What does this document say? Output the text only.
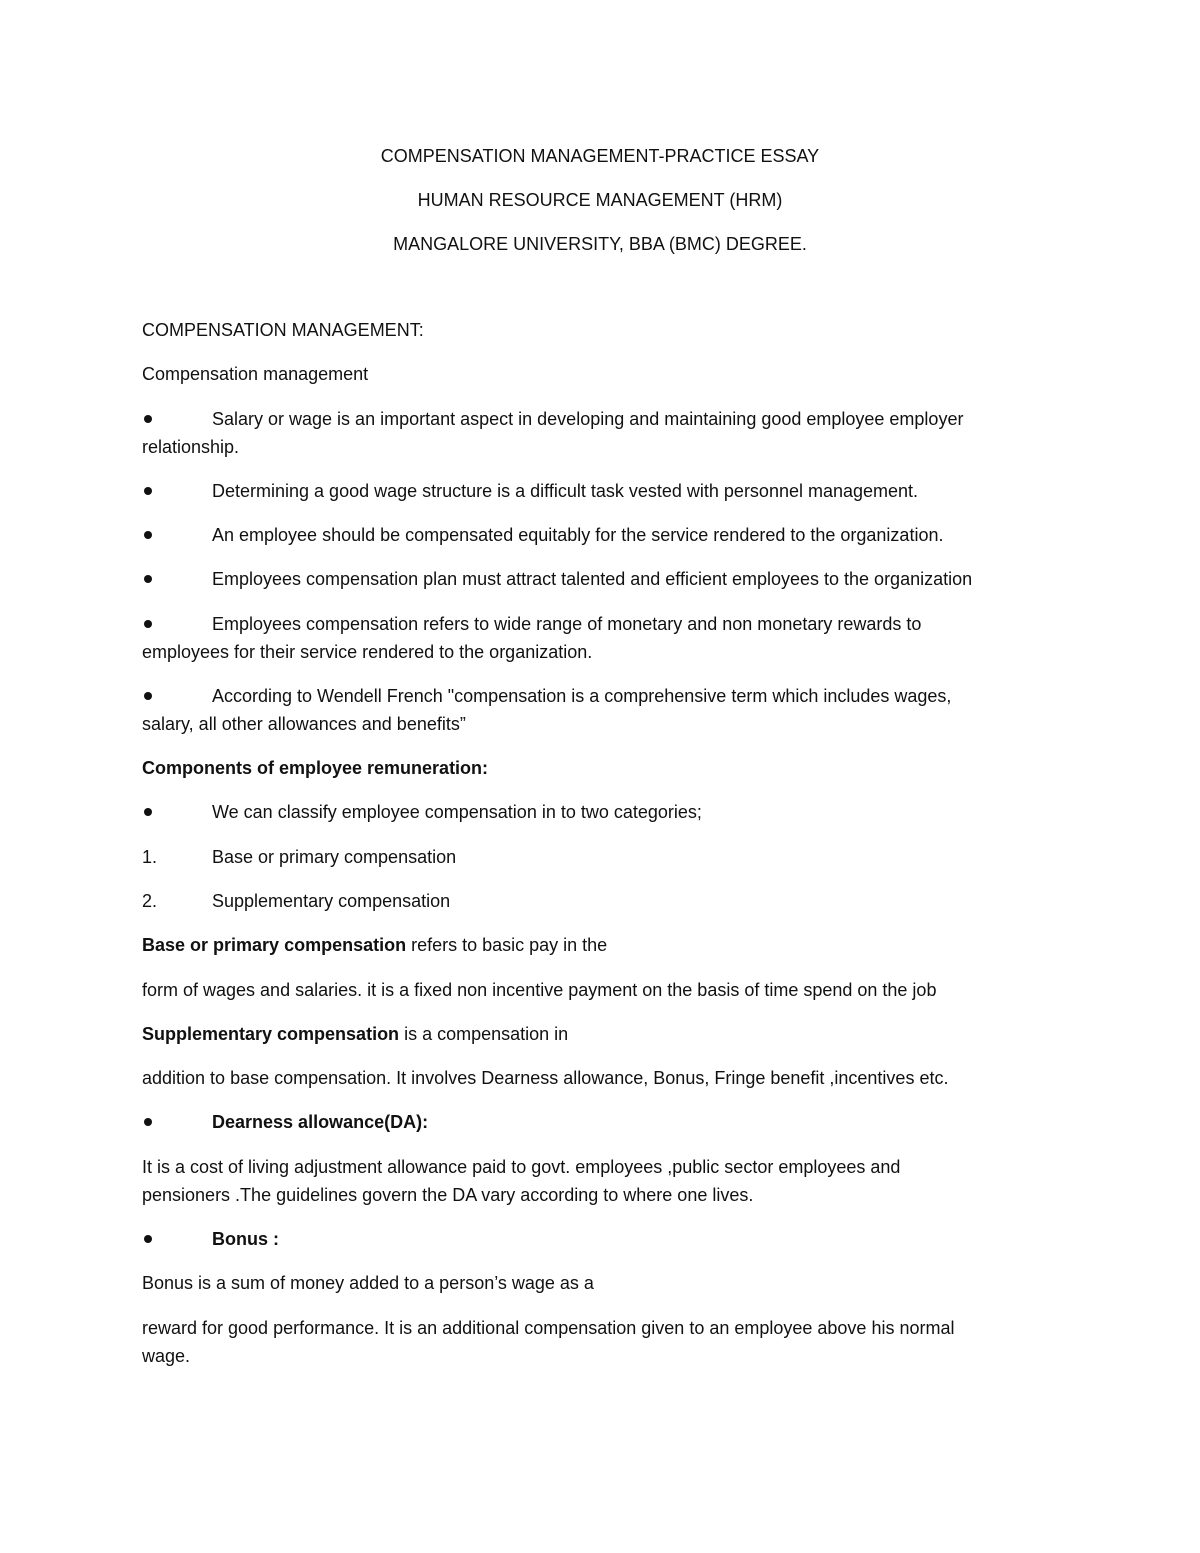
COMPENSATION MANAGEMENT-PRACTICE ESSAY

HUMAN RESOURCE MANAGEMENT (HRM)

MANGALORE UNIVERSITY, BBA (BMC) DEGREE.

COMPENSATION MANAGEMENT:

Compensation management

Salary or wage is an important aspect in developing and maintaining good employee employer

relationship.

Determining a good wage structure is a difficult task vested with personnel management.

An employee should be compensated equitably for the service rendered to the organization.

Employees compensation plan must attract talented and efficient employees to the organization

Employees compensation refers to wide range of monetary and non monetary rewards to

employees for their service rendered to the organization.

According to Wendell French "compensation is a comprehensive term which includes wages,

salary, all other allowances and benefits”

Components of employee remuneration:

We can classify employee compensation in to two categories;

1.	Base or primary compensation

2.	Supplementary compensation

Base or primary compensation refers to basic pay in the

form of wages and salaries. it is a fixed non incentive payment on the basis of time spend on the job

Supplementary compensation is a compensation in

addition to base compensation. It involves Dearness allowance, Bonus, Fringe benefit ,incentives etc.

Dearness allowance(DA):

It is a cost of living adjustment allowance paid to govt. employees ,public sector employees and

pensioners .The guidelines govern the DA vary according to where one lives.

Bonus :

Bonus is a sum of money added to a person’s wage as a

reward for good performance. It is an additional compensation given to an employee above his normal

wage.
